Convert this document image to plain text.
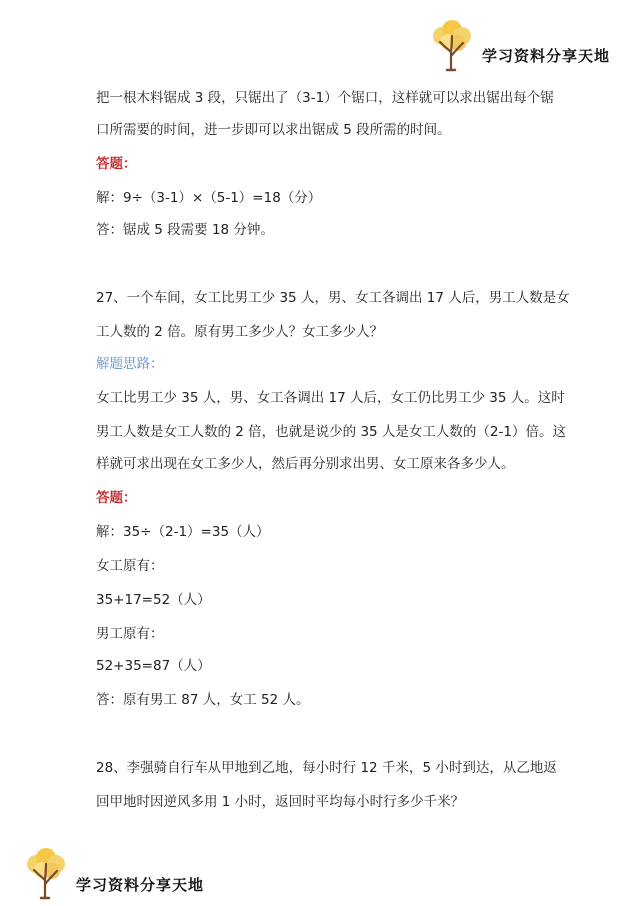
学习资料分享天地
把一根木料锯成 3 段，只锯出了（3-1）个锯口，这样就可以求出锯出每个锯
口所需要的时间，进一步即可以求出锯成 5 段所需的时间。
答题：
解：9÷（3-1）×（5-1）=18（分）
答：锯成 5 段需要 18 分钟。
27、一个车间，女工比男工少 35 人，男、女工各调出 17 人后，男工人数是女
工人数的 2 倍。原有男工多少人？女工多少人？
解题思路：
女工比男工少 35 人，男、女工各调出 17 人后，女工仍比男工少 35 人。这时
男工人数是女工人数的 2 倍，也就是说少的 35 人是女工人数的（2-1）倍。这
样就可求出现在女工多少人，然后再分别求出男、女工原来各多少人。
答题：
解：35÷（2-1）=35（人）
女工原有：
35+17=52（人）
男工原有：
52+35=87（人）
答：原有男工 87 人，女工 52 人。
28、李强骑自行车从甲地到乙地，每小时行 12 千米，5 小时到达，从乙地返
回甲地时因逆风多用 1 小时，返回时平均每小时行多少千米？
学习资料分享天地
